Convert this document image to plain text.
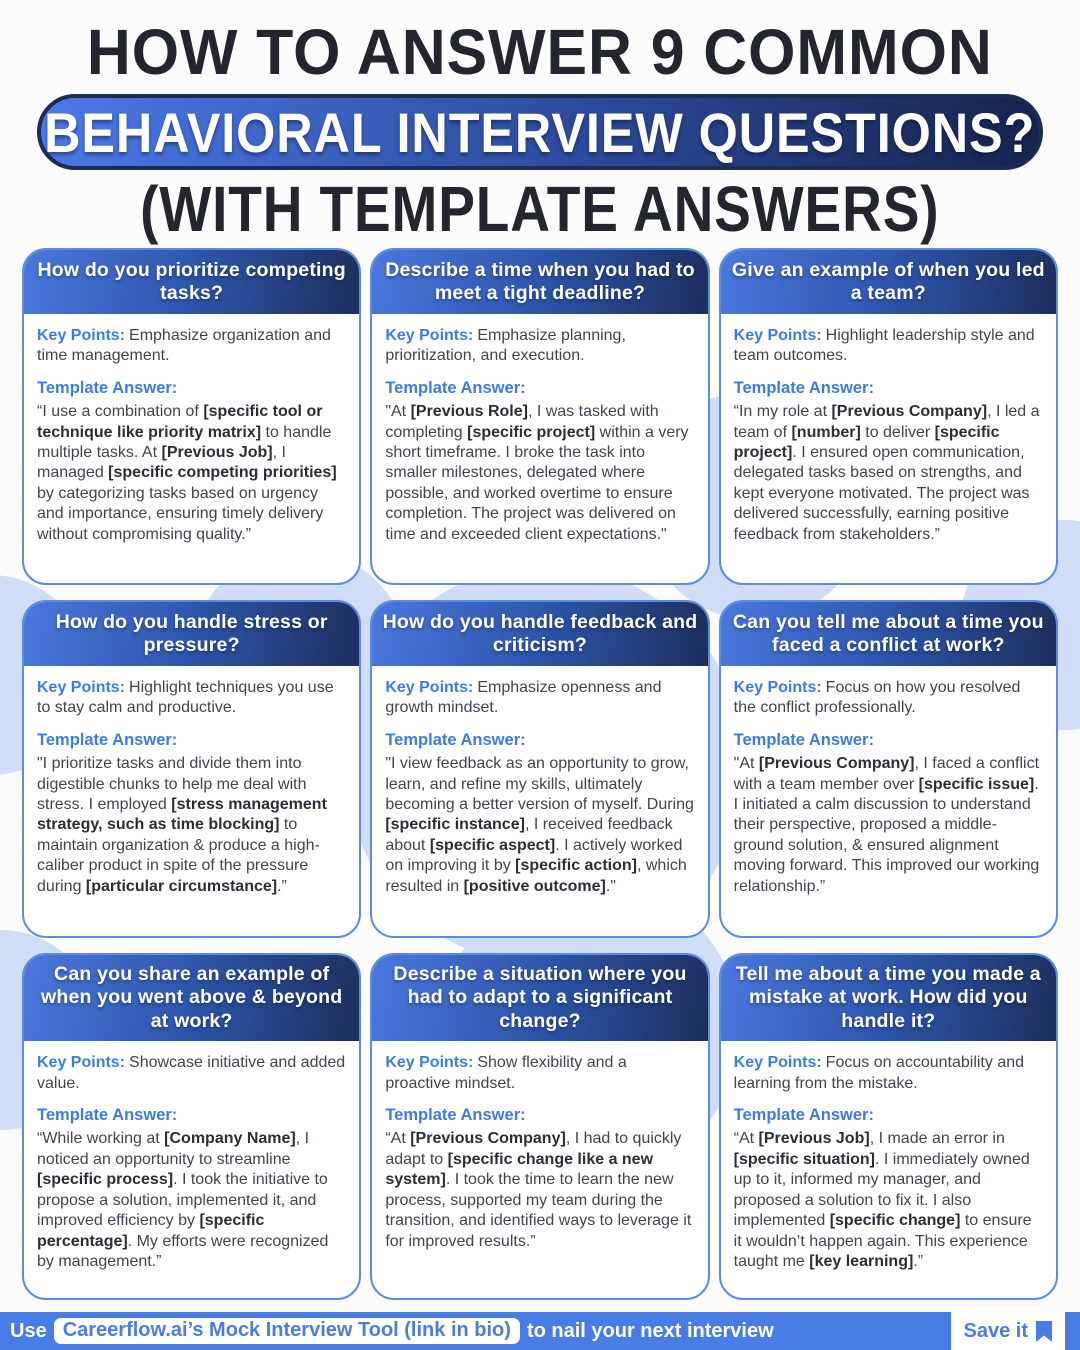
HOW TO ANSWER 9 COMMON
BEHAVIORAL INTERVIEW QUESTIONS?
(WITH TEMPLATE ANSWERS)
How do you prioritize competing tasks?

Key Points: Emphasize organization and time management.

Template Answer:

“I use a combination of [specific tool or technique like priority matrix] to handle multiple tasks. At [Previous Job], I managed [specific competing priorities] by categorizing tasks based on urgency and importance, ensuring timely delivery without compromising quality.”

Describe a time when you had to meet a tight deadline?

Key Points: Emphasize planning, prioritization, and execution.

Template Answer:

"At [Previous Role], I was tasked with completing [specific project] within a very short timeframe. I broke the task into smaller milestones, delegated where possible, and worked overtime to ensure completion. The project was delivered on time and exceeded client expectations."

Give an example of when you led a team?

Key Points: Highlight leadership style and team outcomes.

Template Answer:

“In my role at [Previous Company], I led a team of [number] to deliver [specific project]. I ensured open communication, delegated tasks based on strengths, and kept everyone motivated. The project was delivered successfully, earning positive feedback from stakeholders.”

How do you handle stress or pressure?

Key Points: Highlight techniques you use to stay calm and productive.

Template Answer:

"I prioritize tasks and divide them into digestible chunks to help me deal with stress. I employed [stress management strategy, such as time blocking] to maintain organization & produce a high-caliber product in spite of the pressure during [particular circumstance].”

How do you handle feedback and criticism?

Key Points: Emphasize openness and growth mindset.

Template Answer:

"I view feedback as an opportunity to grow, learn, and refine my skills, ultimately becoming a better version of myself. During [specific instance], I received feedback about [specific aspect]. I actively worked on improving it by [specific action], which resulted in [positive outcome]."

Can you tell me about a time you faced a conflict at work?

Key Points: Focus on how you resolved the conflict professionally.

Template Answer:

"At [Previous Company], I faced a conflict with a team member over [specific issue]. I initiated a calm discussion to understand their perspective, proposed a middle-ground solution, & ensured alignment moving forward. This improved our working relationship.”

Can you share an example of when you went above & beyond at work?

Key Points: Showcase initiative and added value.

Template Answer:

“While working at [Company Name], I noticed an opportunity to streamline [specific process]. I took the initiative to propose a solution, implemented it, and improved efficiency by [specific percentage]. My efforts were recognized by management.”

Describe a situation where you had to adapt to a significant change?

Key Points: Show flexibility and a proactive mindset.

Template Answer:

“At [Previous Company], I had to quickly adapt to [specific change like a new system]. I took the time to learn the new process, supported my team during the transition, and identified ways to leverage it for improved results.”

Tell me about a time you made a mistake at work. How did you handle it?

Key Points: Focus on accountability and learning from the mistake.

Template Answer:

“At [Previous Job], I made an error in [specific situation]. I immediately owned up to it, informed my manager, and proposed a solution to fix it. I also implemented [specific change] to ensure it wouldn’t happen again. This experience taught me [key learning].”

Use Careerflow.ai’s Mock Interview Tool (link in bio) to nail your next interview	Save it
